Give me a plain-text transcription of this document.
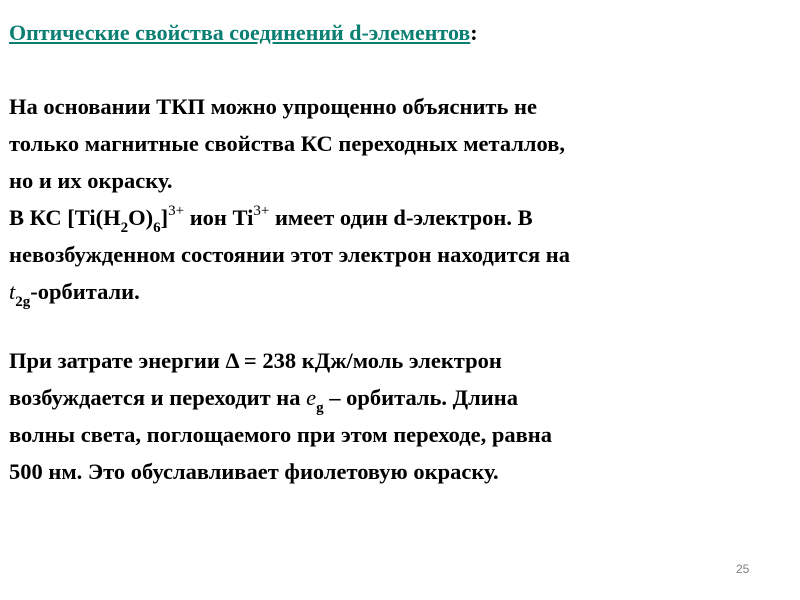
Оптические свойства соединений d-элементов:
На основании ТКП можно упрощенно объяснить не
только магнитные свойства КС переходных металлов,
но и их окраску.
В КС $[Ti(H_2O)_6]^{3+}$ ион $Ti^{3+}$ имеет один d-электрон. В
невозбужденном состоянии этот электрон находится на
$t_{2g}$-орбитали.
При затрате энергии Δ = 238 кДж/моль электрон
возбуждается и переходит на $e_g$ – орбиталь. Длина
волны света, поглощаемого при этом переходе, равна
500 нм. Это обуславливает фиолетовую окраску.
25
